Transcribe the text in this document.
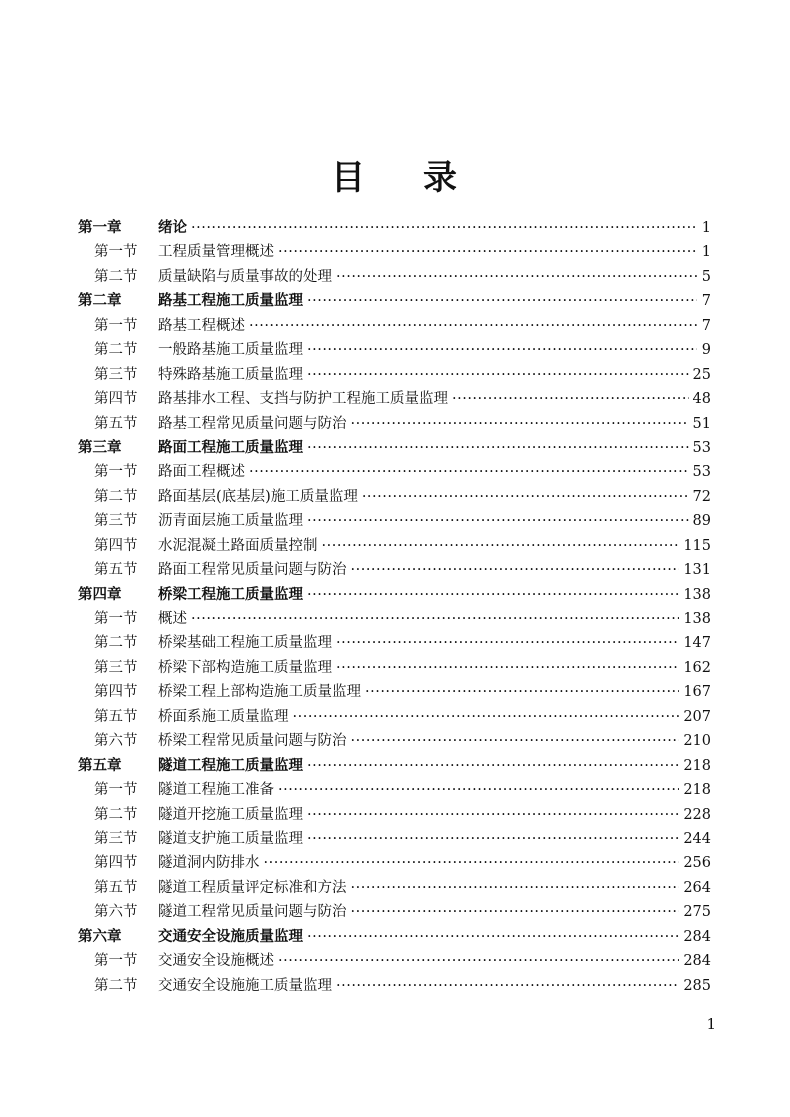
目 录
第一章	绪论 ·····	1
第一节	工程质量管理概述 ·····	1
第二节	质量缺陷与质量事故的处理 ·····	5
第二章	路基工程施工质量监理 ·····	7
第一节	路基工程概述 ·····	7
第二节	一般路基施工质量监理 ·····	9
第三节	特殊路基施工质量监理 ·····	25
第四节	路基排水工程、支挡与防护工程施工质量监理 ·····	48
第五节	路基工程常见质量问题与防治 ·····	51
第三章	路面工程施工质量监理 ·····	53
第一节	路面工程概述 ·····	53
第二节	路面基层(底基层)施工质量监理 ·····	72
第三节	沥青面层施工质量监理 ·····	89
第四节	水泥混凝土路面质量控制 ·····	115
第五节	路面工程常见质量问题与防治 ·····	131
第四章	桥梁工程施工质量监理 ·····	138
第一节	概述 ·····	138
第二节	桥梁基础工程施工质量监理 ·····	147
第三节	桥梁下部构造施工质量监理 ·····	162
第四节	桥梁工程上部构造施工质量监理 ·····	167
第五节	桥面系施工质量监理 ·····	207
第六节	桥梁工程常见质量问题与防治 ·····	210
第五章	隧道工程施工质量监理 ·····	218
第一节	隧道工程施工准备 ·····	218
第二节	隧道开挖施工质量监理 ·····	228
第三节	隧道支护施工质量监理 ·····	244
第四节	隧道洞内防排水 ·····	256
第五节	隧道工程质量评定标准和方法 ·····	264
第六节	隧道工程常见质量问题与防治 ·····	275
第六章	交通安全设施质量监理 ·····	284
第一节	交通安全设施概述 ·····	284
第二节	交通安全设施施工质量监理 ·····	285
1
